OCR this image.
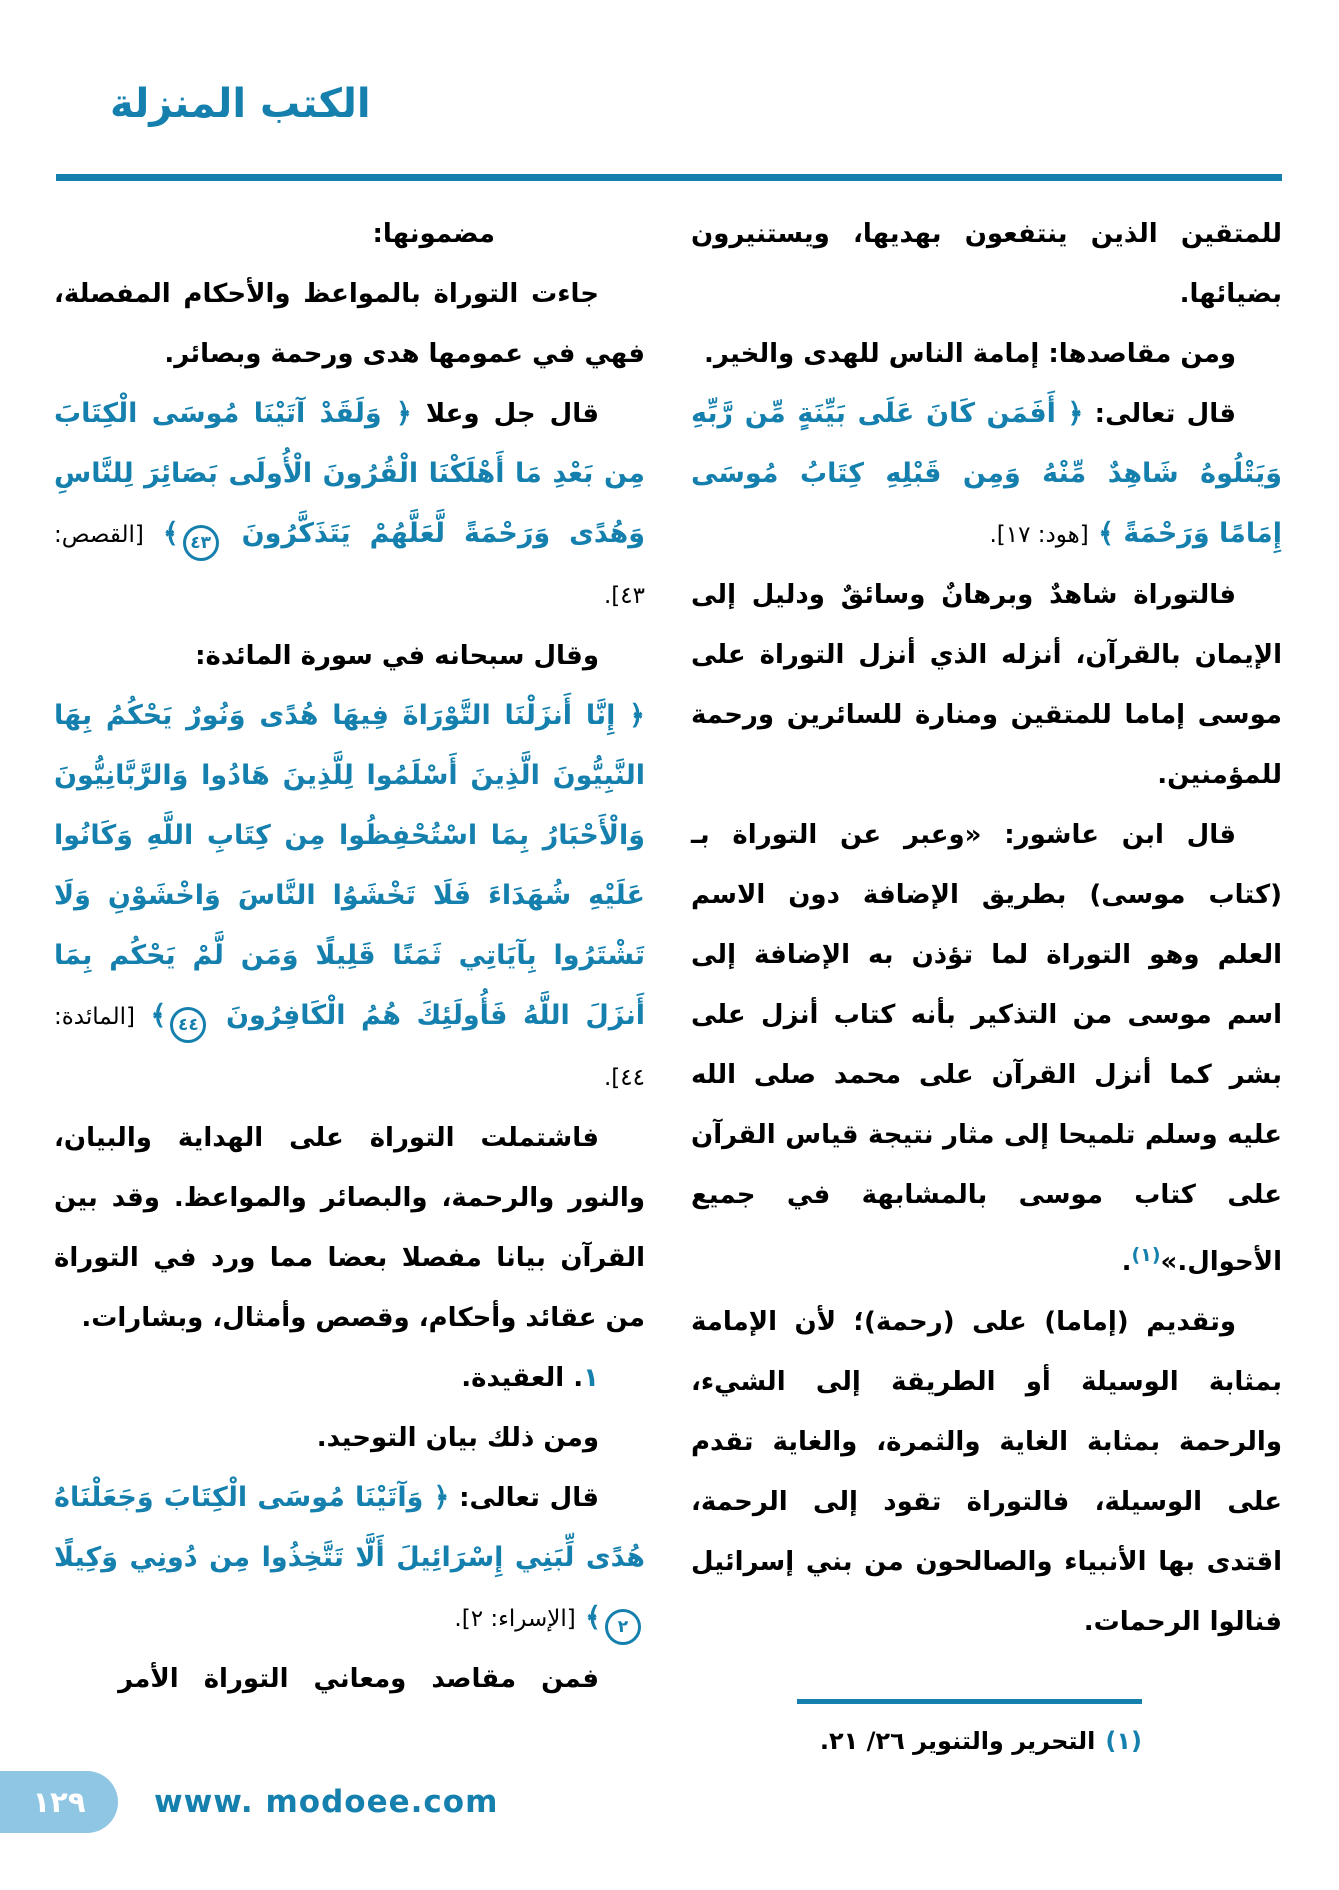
الكتب المنزلة

للمتقين الذين ينتفعون بهديها، ويستنيرون بضيائها.

ومن مقاصدها: إمامة الناس للهدى والخير.

قال تعالى: ﴿ أَفَمَن كَانَ عَلَى بَيِّنَةٍ مِّن رَّبِّهِ وَيَتْلُوهُ شَاهِدٌ مِّنْهُ وَمِن قَبْلِهِ كِتَابُ مُوسَى إِمَامًا وَرَحْمَةً ﴾ [هود: ١٧].

فالتوراة شاهدٌ وبرهانٌ وسائقٌ ودليل إلى الإيمان بالقرآن، أنزله الذي أنزل التوراة على موسى إماما للمتقين ومنارة للسائرين ورحمة للمؤمنين.

قال ابن عاشور: «وعبر عن التوراة بـ (كتاب موسى) بطريق الإضافة دون الاسم العلم وهو التوراة لما تؤذن به الإضافة إلى اسم موسى من التذكير بأنه كتاب أنزل على بشر كما أنزل القرآن على محمد صلى الله عليه وسلم تلميحا إلى مثار نتيجة قياس القرآن على كتاب موسى بالمشابهة في جميع الأحوال.»$^{(١)}$.

وتقديم (إماما) على (رحمة)؛ لأن الإمامة بمثابة الوسيلة أو الطريقة إلى الشيء، والرحمة بمثابة الغاية والثمرة، والغاية تقدم على الوسيلة، فالتوراة تقود إلى الرحمة، اقتدى بها الأنبياء والصالحون من بني إسرائيل فنالوا الرحمات.

(١)التحرير والتنوير ٢٦/ ٢١.

مضمونها:

جاءت التوراة بالمواعظ والأحكام المفصلة، فهي في عمومها هدى ورحمة وبصائر.

قال جل وعلا ﴿ وَلَقَدْ آتَيْنَا مُوسَى الْكِتَابَ مِن بَعْدِ مَا أَهْلَكْنَا الْقُرُونَ الْأُولَى بَصَائِرَ لِلنَّاسِ وَهُدًى وَرَحْمَةً لَّعَلَّهُمْ يَتَذَكَّرُونَ ٤٣﴾ [القصص: ٤٣].

وقال سبحانه في سورة المائدة:

﴿ إِنَّا أَنزَلْنَا التَّوْرَاةَ فِيهَا هُدًى وَنُورٌ يَحْكُمُ بِهَا النَّبِيُّونَ الَّذِينَ أَسْلَمُوا لِلَّذِينَ هَادُوا وَالرَّبَّانِيُّونَ وَالْأَحْبَارُ بِمَا اسْتُحْفِظُوا مِن كِتَابِ اللَّهِ وَكَانُوا عَلَيْهِ شُهَدَاءَ فَلَا تَخْشَوُا النَّاسَ وَاخْشَوْنِ وَلَا تَشْتَرُوا بِآيَاتِي ثَمَنًا قَلِيلًا وَمَن لَّمْ يَحْكُم بِمَا أَنزَلَ اللَّهُ فَأُولَئِكَ هُمُ الْكَافِرُونَ ٤٤﴾ [المائدة: ٤٤].

فاشتملت التوراة على الهداية والبيان، والنور والرحمة، والبصائر والمواعظ. وقد بين القرآن بيانا مفصلا بعضا مما ورد في التوراة من عقائد وأحكام، وقصص وأمثال، وبشارات.

١. العقيدة.

ومن ذلك بيان التوحيد.

قال تعالى: ﴿ وَآتَيْنَا مُوسَى الْكِتَابَ وَجَعَلْنَاهُ هُدًى لِّبَنِي إِسْرَائِيلَ أَلَّا تَتَّخِذُوا مِن دُونِي وَكِيلًا ٢﴾ [الإسراء: ٢].

فمن مقاصد ومعاني التوراة الأمر

١٢٩	www. modoee.com
